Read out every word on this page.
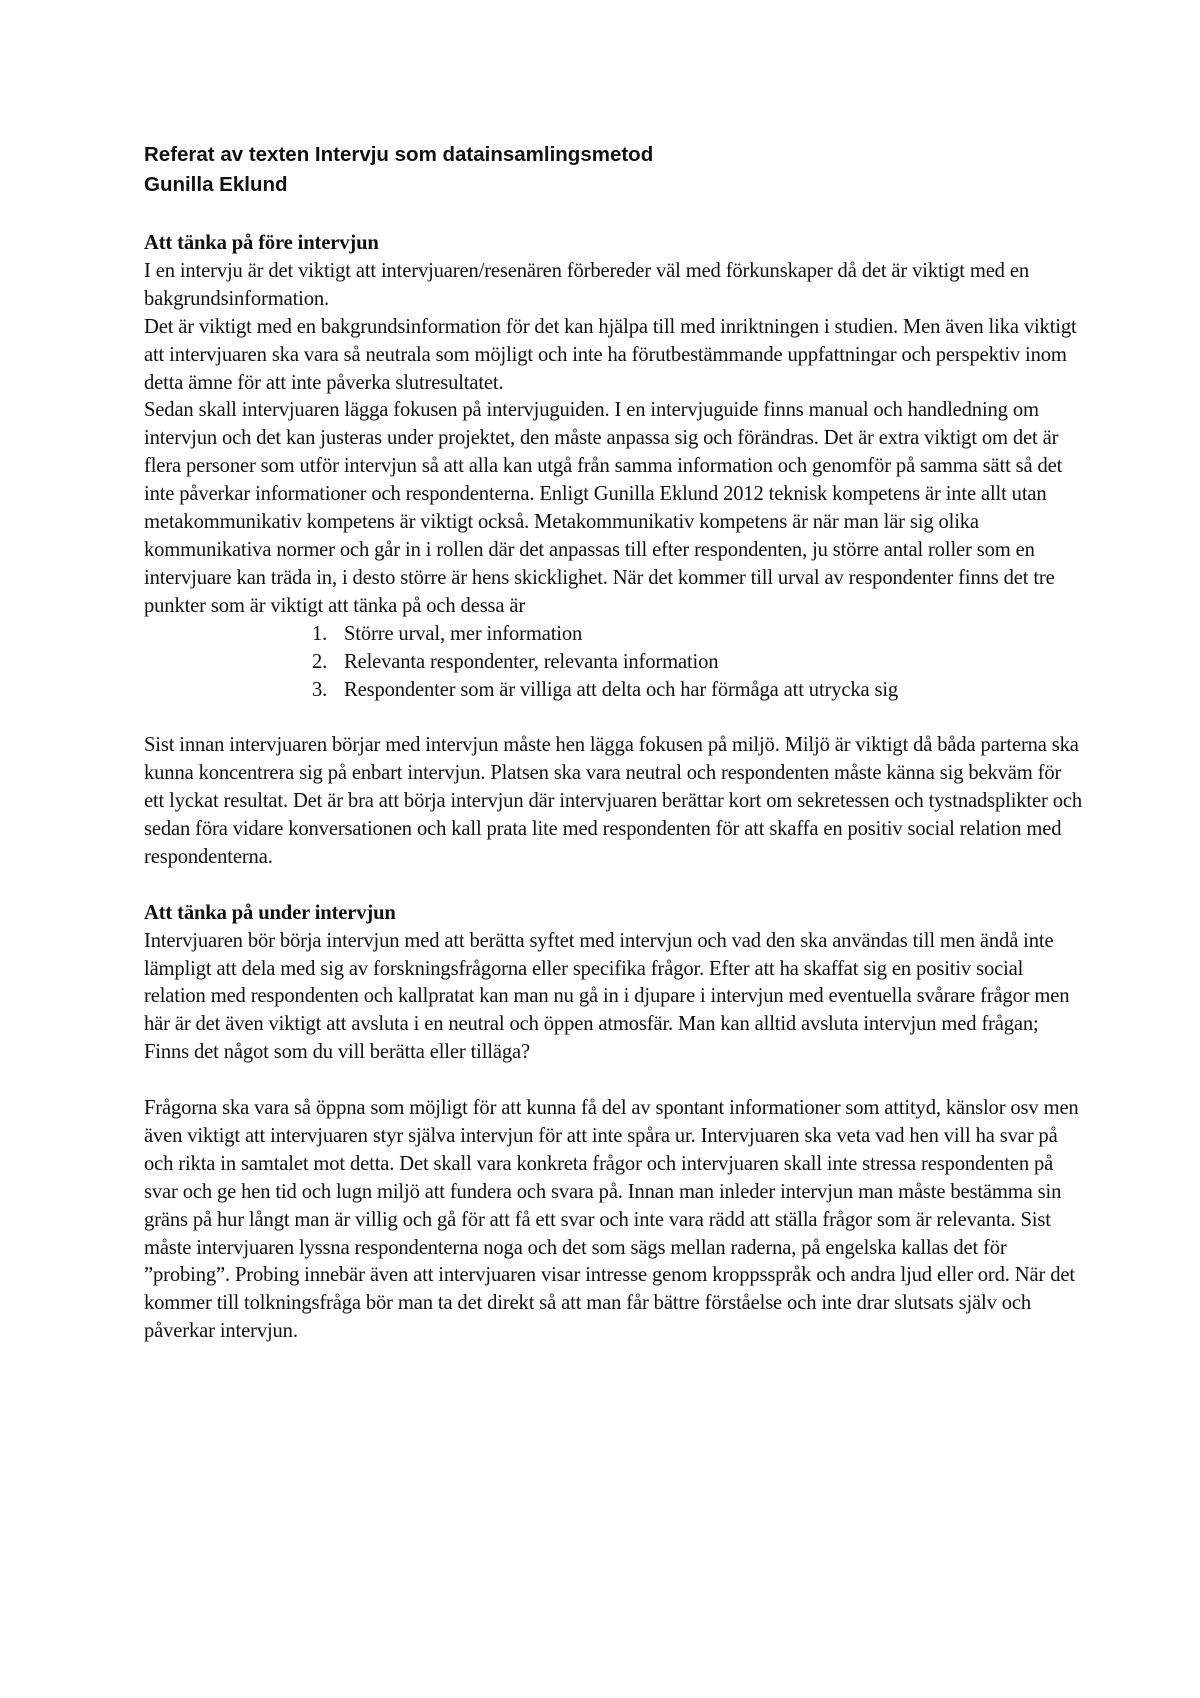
Referat av texten Intervju som datainsamlingsmetod
Gunilla Eklund
Att tänka på före intervjun

I en intervju är det viktigt att intervjuaren/resenären förbereder väl med förkunskaper då det är viktigt med en bakgrundsinformation.

Det är viktigt med en bakgrundsinformation för det kan hjälpa till med inriktningen i studien. Men även lika viktigt att intervjuaren ska vara så neutrala som möjligt och inte ha förutbestämmande uppfattningar och perspektiv inom detta ämne för att inte påverka slutresultatet.

Sedan skall intervjuaren lägga fokusen på intervjuguiden. I en intervjuguide finns manual och handledning om intervjun och det kan justeras under projektet, den måste anpassa sig och förändras. Det är extra viktigt om det är flera personer som utför intervjun så att alla kan utgå från samma information och genomför på samma sätt så det inte påverkar informationer och respondenterna. Enligt Gunilla Eklund 2012 teknisk kompetens är inte allt utan metakommunikativ kompetens är viktigt också. Metakommunikativ kompetens är när man lär sig olika kommunikativa normer och går in i rollen där det anpassas till efter respondenten, ju större antal roller som en intervjuare kan träda in, i desto större är hens skicklighet. När det kommer till urval av respondenter finns det tre punkter som är viktigt att tänka på och dessa är

1. Större urval, mer information
2. Relevanta respondenter, relevanta information
3. Respondenter som är villiga att delta och har förmåga att utrycka sig

Sist innan intervjuaren börjar med intervjun måste hen lägga fokusen på miljö. Miljö är viktigt då båda parterna ska kunna koncentrera sig på enbart intervjun. Platsen ska vara neutral och respondenten måste känna sig bekväm för ett lyckat resultat. Det är bra att börja intervjun där intervjuaren berättar kort om sekretessen och tystnadsplikter och sedan föra vidare konversationen och kall prata lite med respondenten för att skaffa en positiv social relation med respondenterna.

Att tänka på under intervjun

Intervjuaren bör börja intervjun med att berätta syftet med intervjun och vad den ska användas till men ändå inte lämpligt att dela med sig av forskningsfrågorna eller specifika frågor. Efter att ha skaffat sig en positiv social relation med respondenten och kallpratat kan man nu gå in i djupare i intervjun med eventuella svårare frågor men här är det även viktigt att avsluta i en neutral och öppen atmosfär. Man kan alltid avsluta intervjun med frågan; Finns det något som du vill berätta eller tilläga?

Frågorna ska vara så öppna som möjligt för att kunna få del av spontant informationer som attityd, känslor osv men även viktigt att intervjuaren styr själva intervjun för att inte spåra ur. Intervjuaren ska veta vad hen vill ha svar på och rikta in samtalet mot detta. Det skall vara konkreta frågor och intervjuaren skall inte stressa respondenten på svar och ge hen tid och lugn miljö att fundera och svara på. Innan man inleder intervjun man måste bestämma sin gräns på hur långt man är villig och gå för att få ett svar och inte vara rädd att ställa frågor som är relevanta. Sist måste intervjuaren lyssna respondenterna noga och det som sägs mellan raderna, på engelska kallas det för ”probing”. Probing innebär även att intervjuaren visar intresse genom kroppsspråk och andra ljud eller ord. När det kommer till tolkningsfråga bör man ta det direkt så att man får bättre förståelse och inte drar slutsats själv och påverkar intervjun.
